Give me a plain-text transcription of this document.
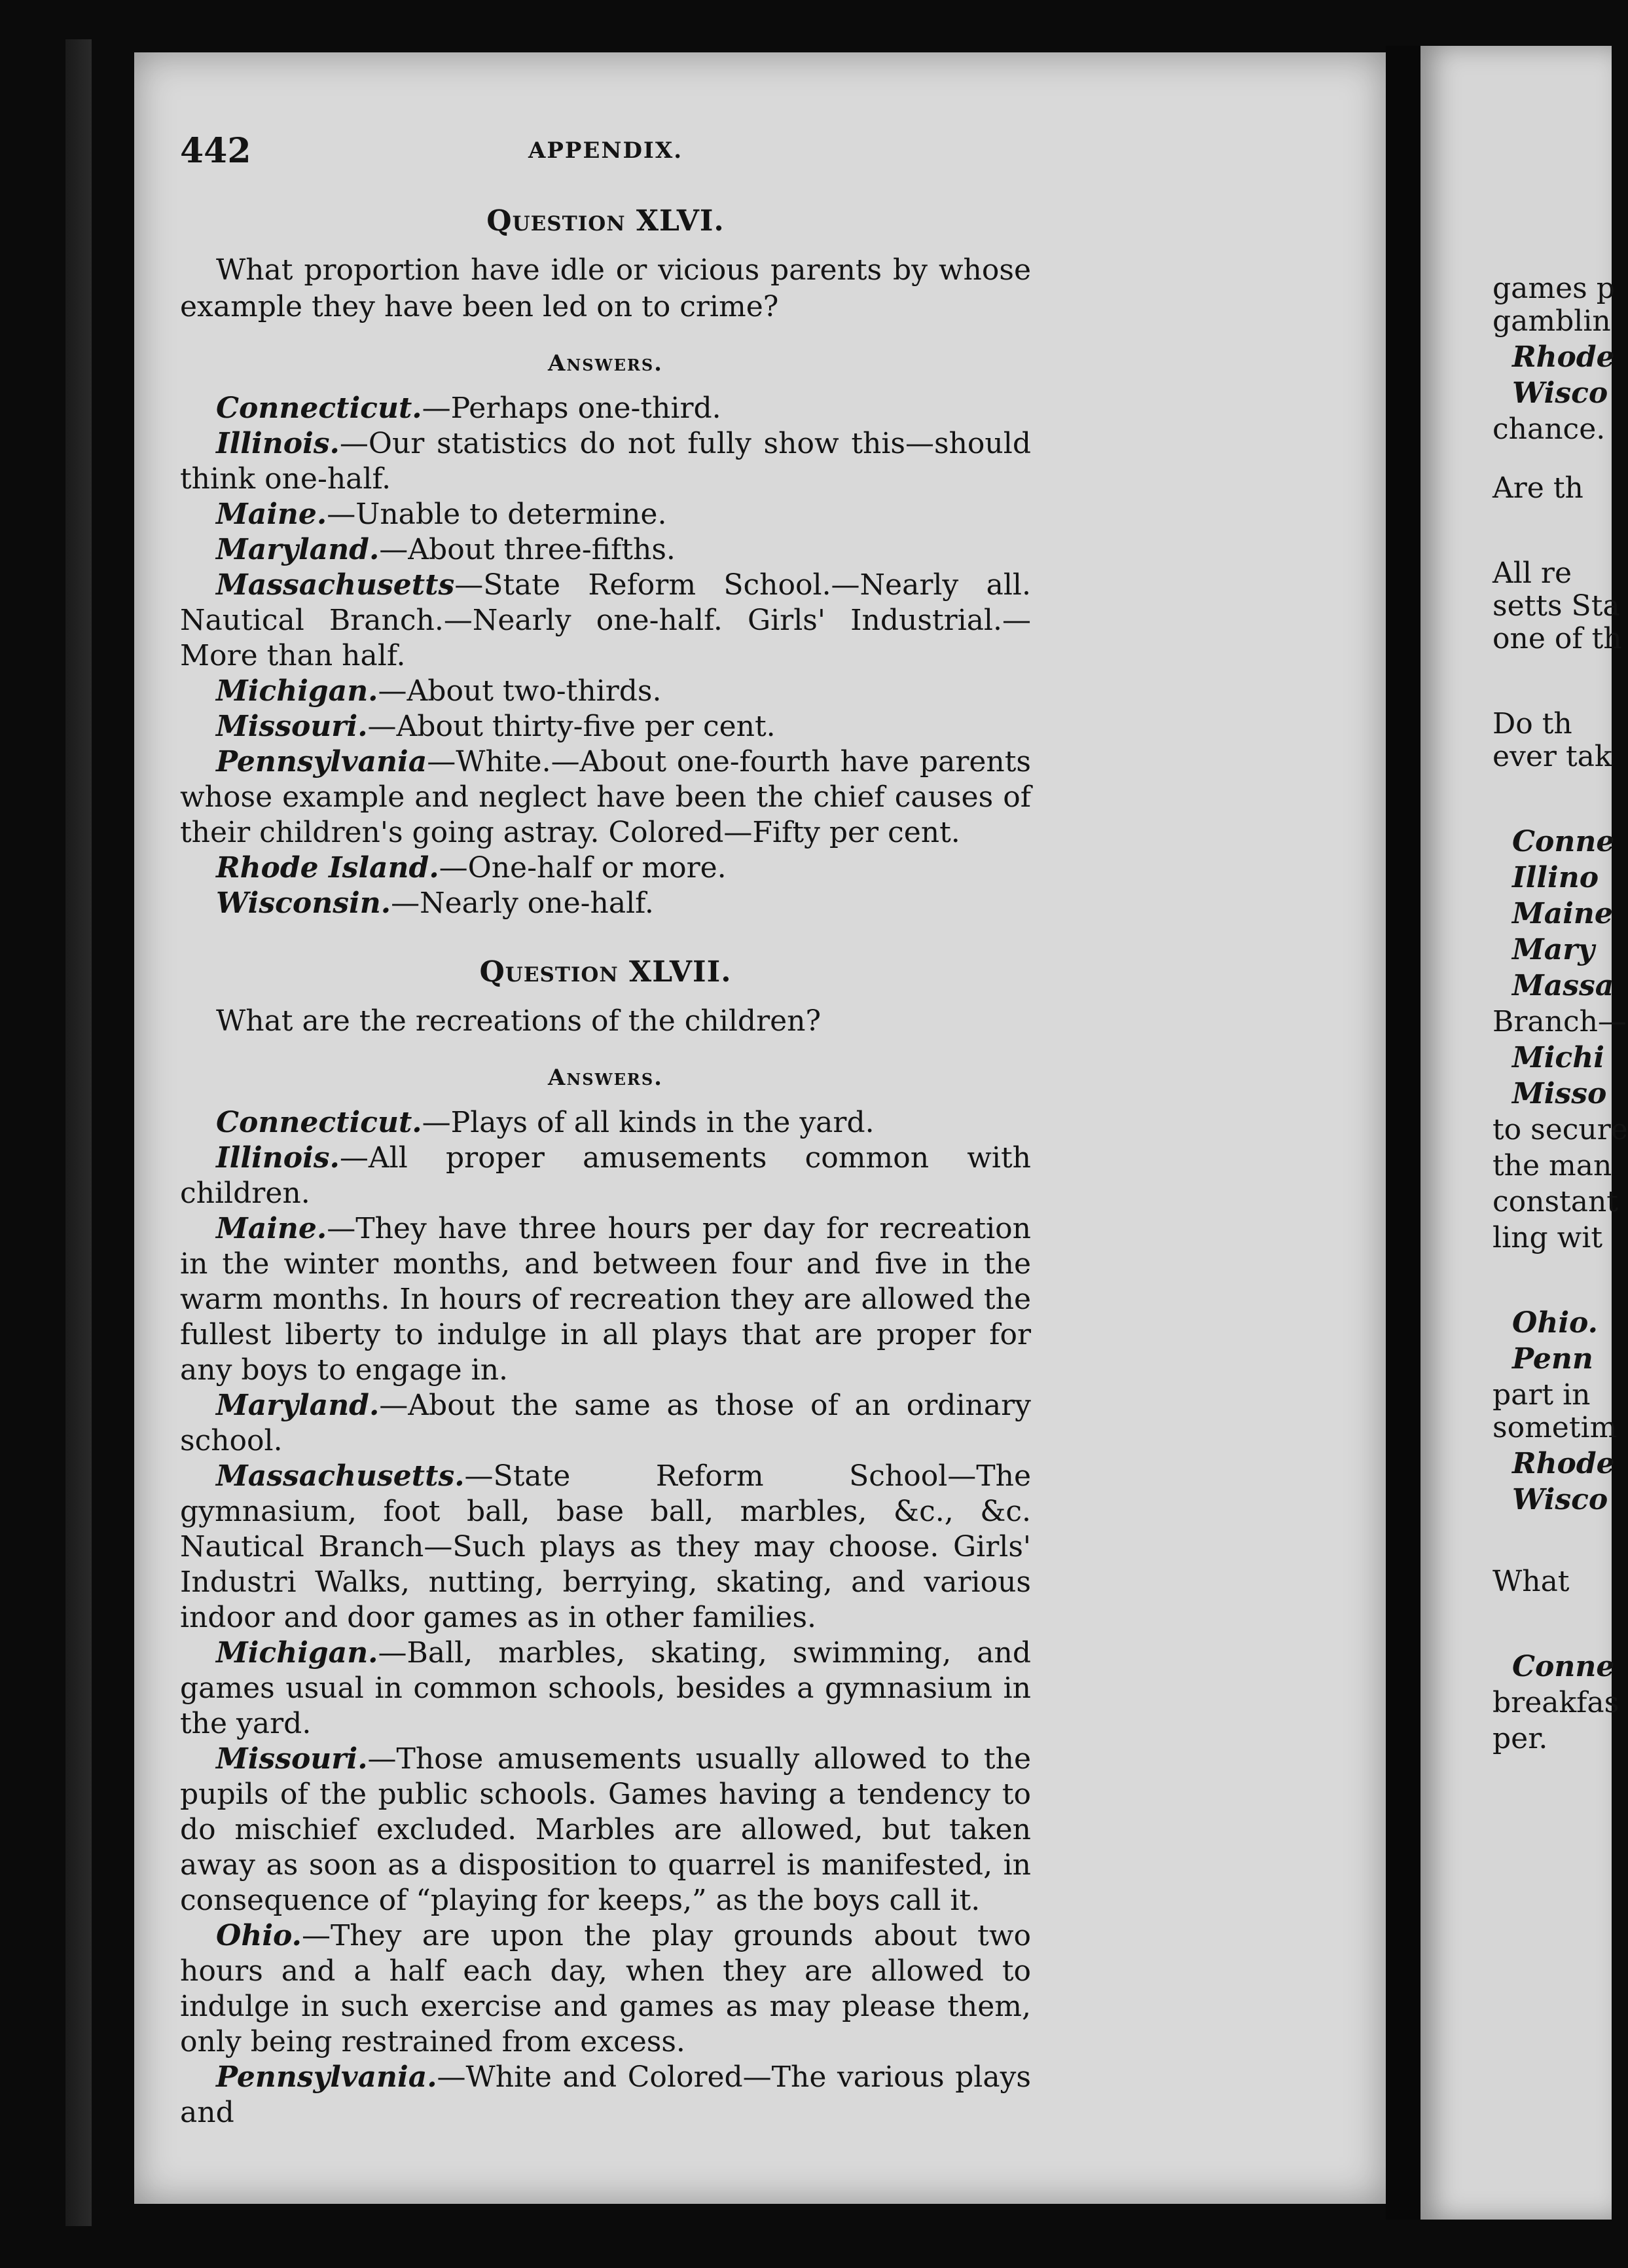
442	APPENDIX.
Question XLVI.

What proportion have idle or vicious parents by whose example they have been led on to crime?

Answers.

Connecticut.—Perhaps one-third.

Illinois.—Our statistics do not fully show this—should think one-half.

Maine.—Unable to determine.

Maryland.—About three-fifths.

Massachusetts—State Reform School.—Nearly all. Nautical Branch.—Nearly one-half. Girls' Industrial.—More than half.

Michigan.—About two-thirds.

Missouri.—About thirty-five per cent.

Pennsylvania—White.—About one-fourth have parents whose example and neglect have been the chief causes of their children's going astray. Colored—Fifty per cent.

Rhode Island.—One-half or more.

Wisconsin.—Nearly one-half.

Question XLVII.

What are the recreations of the children?

Answers.

Connecticut.—Plays of all kinds in the yard.

Illinois.—All proper amusements common with children.

Maine.—They have three hours per day for recreation in the winter months, and between four and five in the warm months. In hours of recreation they are allowed the fullest liberty to indulge in all plays that are proper for any boys to engage in.

Maryland.—About the same as those of an ordinary school.

Massachusetts.—State Reform School—The gymnasium, foot ball, base ball, marbles, &c., &c. Nautical Branch—Such plays as they may choose. Girls' Industri Walks, nutting, berrying, skating, and various indoor and door games as in other families.

Michigan.—Ball, marbles, skating, swimming, and games usual in common schools, besides a gymnasium in the yard.

Missouri.—Those amusements usually allowed to the pupils of the public schools. Games having a tendency to do mischief excluded. Marbles are allowed, but taken away as soon as a disposition to quarrel is manifested, in consequence of “playing for keeps,” as the boys call it.

Ohio.—They are upon the play grounds about two hours and a half each day, when they are allowed to indulge in such exercise and games as may please them, only being restrained from excess.

Pennsylvania.—White and Colored—The various plays and

games p
gamblin
Rhode
Wisco
chance.
Are th
All re
setts Sta
one of th
Do th
ever tak
Conne
Illino
Maine
Mary
Massa
Branch—
Michi
Misso
to secure
the man
constant
ling wit
Ohio.
Penn
part in
sometim
Rhode
Wisco
What
Conne
breakfas
per.
